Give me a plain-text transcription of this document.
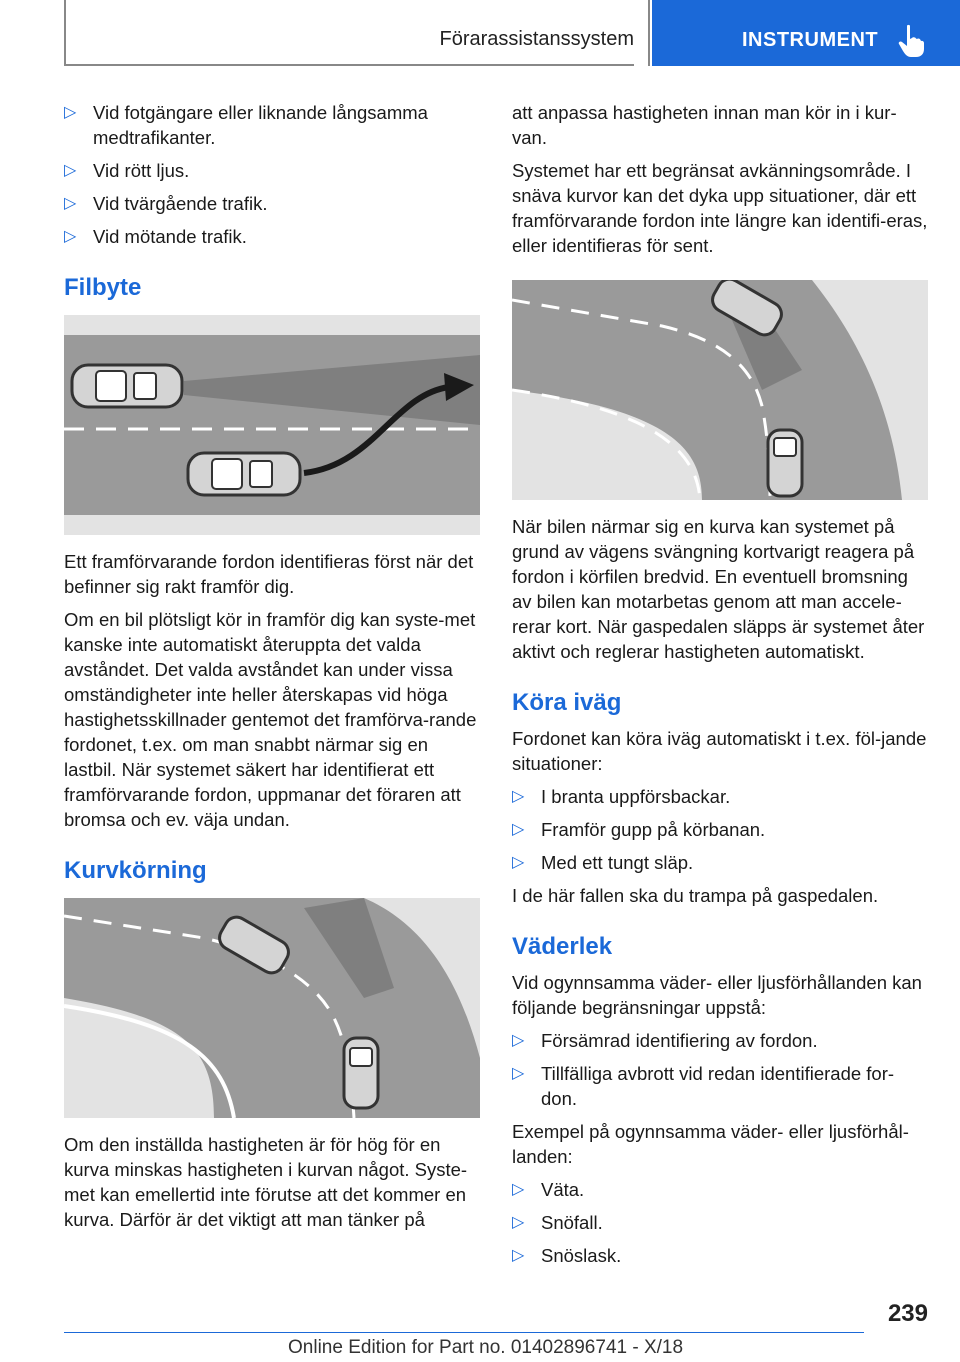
Förarassistanssystem	INSTRUMENT
▷ Vid fotgängare eller liknande långsamma medtrafikanter.
▷ Vid rött ljus.
▷ Vid tvärgående trafik.
▷ Vid mötande trafik.
Filbyte

Ett framförvarande fordon identifieras först när det befinner sig rakt framför dig.

Om en bil plötsligt kör in framför dig kan syste‐met kanske inte automatiskt återuppta det valda avståndet. Det valda avståndet kan under vissa omständigheter inte heller återskapas vid höga hastighetsskillnader gentemot det framförva‐rande fordonet, t.ex. om man snabbt närmar sig en lastbil. När systemet säkert har identifierat ett framförvarande fordon, uppmanar det föraren att bromsa och ev. väja undan.

Kurvkörning

Om den inställda hastigheten är för hög för en kurva minskas hastigheten i kurvan något. Syste‐met kan emellertid inte förutse att det kommer en kurva. Därför är det viktigt att man tänker på

att anpassa hastigheten innan man kör in i kur‐van.

Systemet har ett begränsat avkänningsområde. I snäva kurvor kan det dyka upp situationer, där ett framförvarande fordon inte längre kan identifi‐eras, eller identifieras för sent.

När bilen närmar sig en kurva kan systemet på grund av vägens svängning kortvarigt reagera på fordon i körfilen bredvid. En eventuell bromsning av bilen kan motarbetas genom att man accele‐rerar kort. När gaspedalen släpps är systemet åter aktivt och reglerar hastigheten automatiskt.

Köra iväg

Fordonet kan köra iväg automatiskt i t.ex. föl‐jande situationer:

▷ I branta uppförsbackar.
▷ Framför gupp på körbanan.
▷ Med ett tungt släp.

I de här fallen ska du trampa på gaspedalen.

Väderlek

Vid ogynnsamma väder- eller ljusförhållanden kan följande begränsningar uppstå:

▷ Försämrad identifiering av fordon.
▷ Tillfälliga avbrott vid redan identifierade for‐don.

Exempel på ogynnsamma väder- eller ljusförhål‐landen:

▷ Väta.
▷ Snöfall.
▷ Snöslask.
239
Online Edition for Part no. 01402896741 - X/18
